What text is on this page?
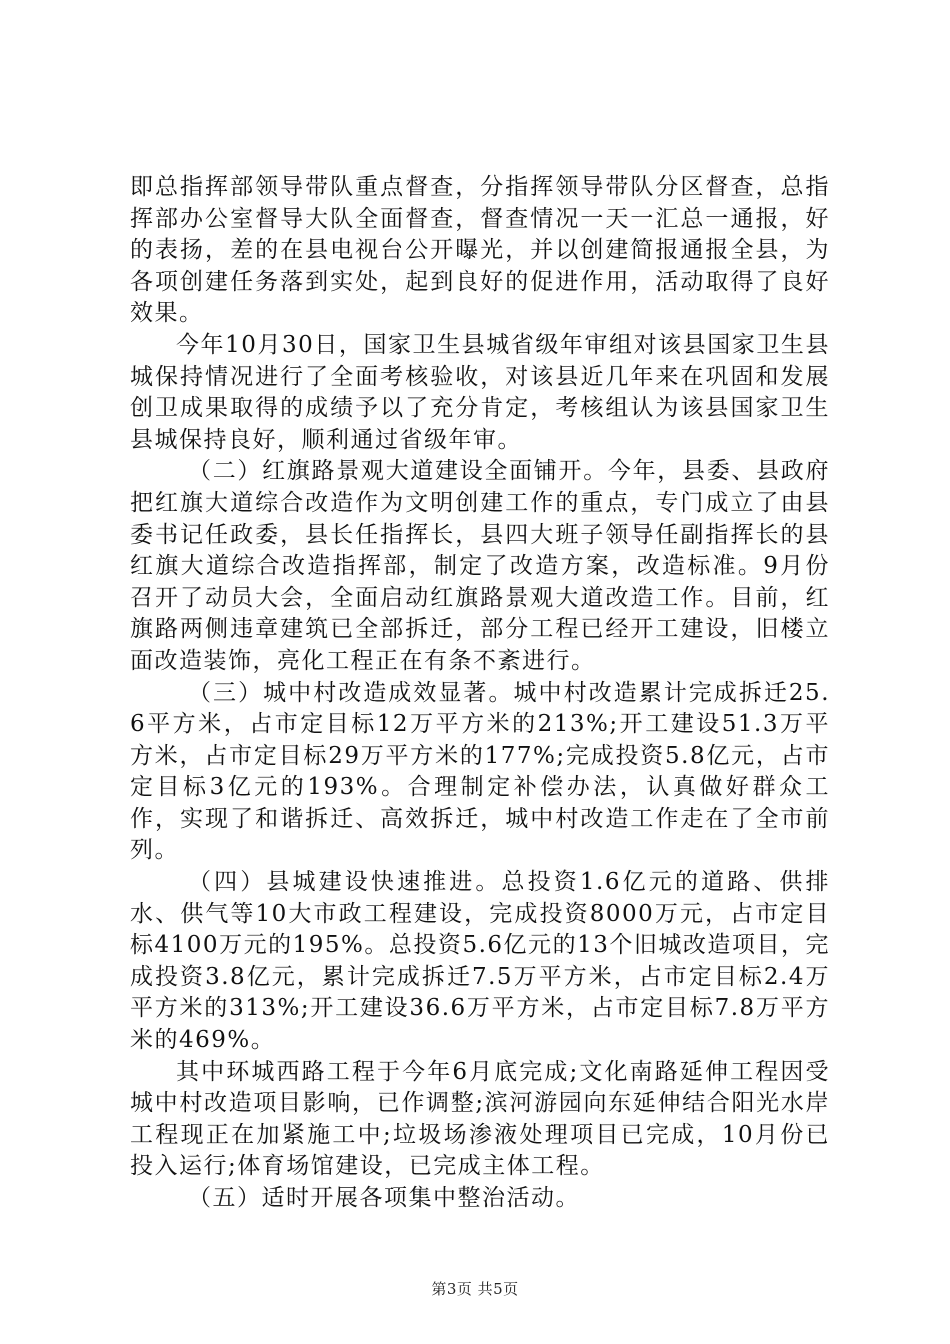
即总指挥部领导带队重点督查，分指挥领导带队分区督查，总指挥部办公室督导大队全面督查，督查情况一天一汇总一通报，好的表扬，差的在县电视台公开曝光，并以创建简报通报全县，为各项创建任务落到实处，起到良好的促进作用，活动取得了良好效果。

今年10月30日，国家卫生县城省级年审组对该县国家卫生县城保持情况进行了全面考核验收，对该县近几年来在巩固和发展创卫成果取得的成绩予以了充分肯定，考核组认为该县国家卫生县城保持良好，顺利通过省级年审。

（二）红旗路景观大道建设全面铺开。今年，县委、县政府把红旗大道综合改造作为文明创建工作的重点，专门成立了由县委书记任政委，县长任指挥长，县四大班子领导任副指挥长的县红旗大道综合改造指挥部，制定了改造方案，改造标准。9月份召开了动员大会，全面启动红旗路景观大道改造工作。目前，红旗路两侧违章建筑已全部拆迁，部分工程已经开工建设，旧楼立面改造装饰，亮化工程正在有条不紊进行。

（三）城中村改造成效显著。城中村改造累计完成拆迁25.6平方米，占市定目标12万平方米的213%;开工建设51.3万平方米，占市定目标29万平方米的177%;完成投资5.8亿元，占市定目标3亿元的193%。合理制定补偿办法，认真做好群众工作，实现了和谐拆迁、高效拆迁，城中村改造工作走在了全市前列。

（四）县城建设快速推进。总投资1.6亿元的道路、供排水、供气等10大市政工程建设，完成投资8000万元，占市定目标4100万元的195%。总投资5.6亿元的13个旧城改造项目，完成投资3.8亿元，累计完成拆迁7.5万平方米，占市定目标2.4万平方米的313%;开工建设36.6万平方米，占市定目标7.8万平方米的469%。

其中环城西路工程于今年6月底完成;文化南路延伸工程因受城中村改造项目影响，已作调整;滨河游园向东延伸结合阳光水岸工程现正在加紧施工中;垃圾场渗液处理项目已完成，10月份已投入运行;体育场馆建设，已完成主体工程。

（五）适时开展各项集中整治活动。

第3页 共5页
